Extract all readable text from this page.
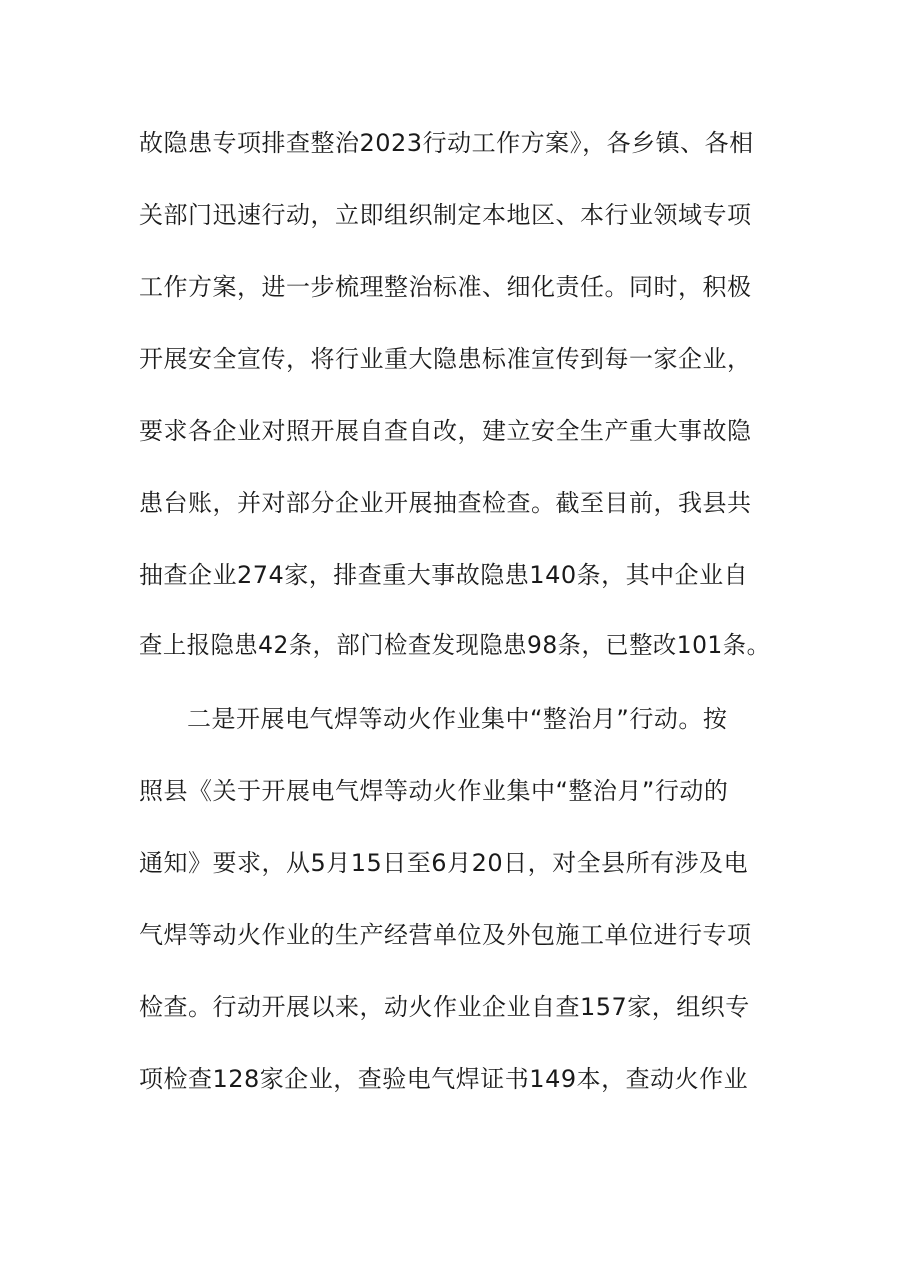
故隐患专项排查整治2023行动工作方案》，各乡镇、各相
关部门迅速行动，立即组织制定本地区、本行业领域专项
工作方案，进一步梳理整治标准、细化责任。同时，积极
开展安全宣传，将行业重大隐患标准宣传到每一家企业，
要求各企业对照开展自查自改，建立安全生产重大事故隐
患台账，并对部分企业开展抽查检查。截至目前，我县共
抽查企业274家，排查重大事故隐患140条，其中企业自
查上报隐患42条，部门检查发现隐患98条，已整改101条。
二是开展电气焊等动火作业集中“整治月”行动。按
照县《关于开展电气焊等动火作业集中“整治月”行动的
通知》要求，从5月15日至6月20日，对全县所有涉及电
气焊等动火作业的生产经营单位及外包施工单位进行专项
检查。行动开展以来，动火作业企业自查157家，组织专
项检查128家企业，查验电气焊证书149本，查动火作业
